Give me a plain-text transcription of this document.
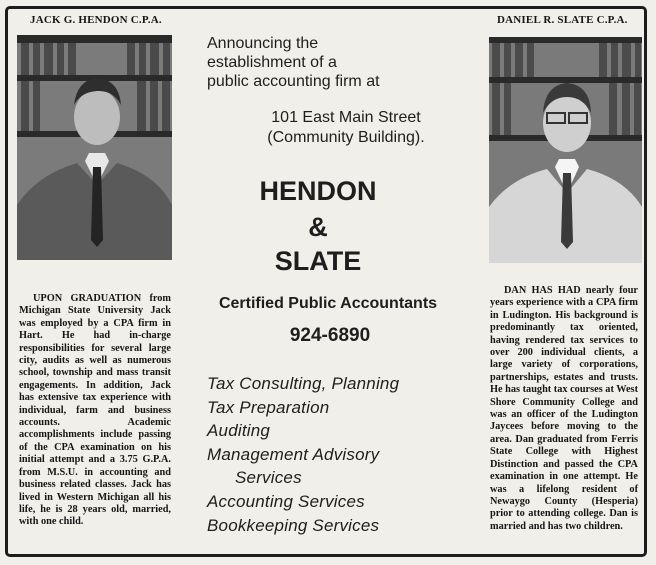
JACK G. HENDON C.P.A.

UPON GRADUATION from Michigan State University Jack was employed by a CPA firm in Hart. He had in-charge responsibilities for several large city, audits as well as numerous school, township and mass transit engagements. In addition, Jack has extensive tax experience with individual, farm and business accounts. Academic accomplishments include passing of the CPA examination on his initial attempt and a 3.75 G.P.A. from M.S.U. in accounting and business related classes. Jack has lived in Western Michigan all his life, he is 28 years old, married, with one child.

DANIEL R. SLATE C.P.A.

DAN HAS HAD nearly four years experience with a CPA firm in Ludington. His background is predominantly tax oriented, having rendered tax services to over 200 individual clients, a large variety of corporations, partnerships, estates and trusts. He has taught tax courses at West Shore Community College and was an officer of the Ludington Jaycees before moving to the area. Dan graduated from Ferris State College with Highest Distinction and passed the CPA examination in one attempt. He was a lifelong resident of Newaygo County (Hesperia) prior to attending college. Dan is married and has two children.

Announcing the
establishment of a
public accounting firm at
101 East Main Street
(Community Building).
HENDON
&
SLATE
Certified Public Accountants
924-6890
Tax Consulting, Planning
Tax Preparation
Auditing
Management Advisory
Services
Accounting Services
Bookkeeping Services
